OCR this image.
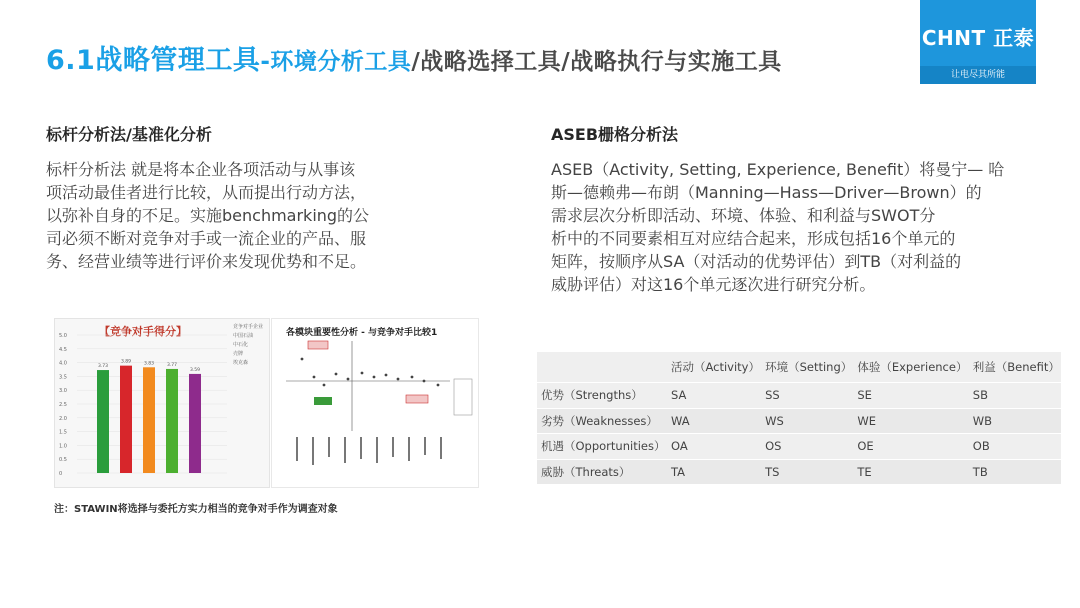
6.1战略管理工具-环境分析工具/战略选择工具/战略执行与实施工具
CHNT 正泰
让电尽其所能
标杆分析法/基准化分析
标杆分析法 就是将本企业各项活动与从事该
项活动最佳者进行比较，从而提出行动方法，
以弥补自身的不足。实施benchmarking的公
司必须不断对竞争对手或一流企业的产品、服
务、经营业绩等进行评价来发现优势和不足。
ASEB栅格分析法
ASEB（Activity, Setting, Experience, Benefit）将曼宁— 哈
斯—德赖弗—布朗（Manning—Hass—Driver—Brown）的
需求层次分析即活动、环境、体验、和利益与SWOT分
析中的不同要素相互对应结合起来，形成包括16个单元的
矩阵，按顺序从SA（对活动的优势评估）到TB（对利益的
威胁评估）对这16个单元逐次进行研究分析。
【竞争对手得分】	竞争对手企业
中国石油
中石化
壳牌
埃克森
5.0
4.5
4.0
3.5
3.0
2.5
2.0
1.5
1.0
0.5
0
3.73
3.89	3.83	3.77
3.59
各模块重要性分析 - 与竞争对手比较1
注：STAWIN将选择与委托方实力相当的竞争对手作为调查对象
	活动（Activity）	环境（Setting）	体验（Experience）	利益（Benefit）
优势（Strengths）	SA	SS	SE	SB
劣势（Weaknesses）	WA	WS	WE	WB
机遇（Opportunities）	OA	OS	OE	OB
威胁（Threats）	TA	TS	TE	TB
